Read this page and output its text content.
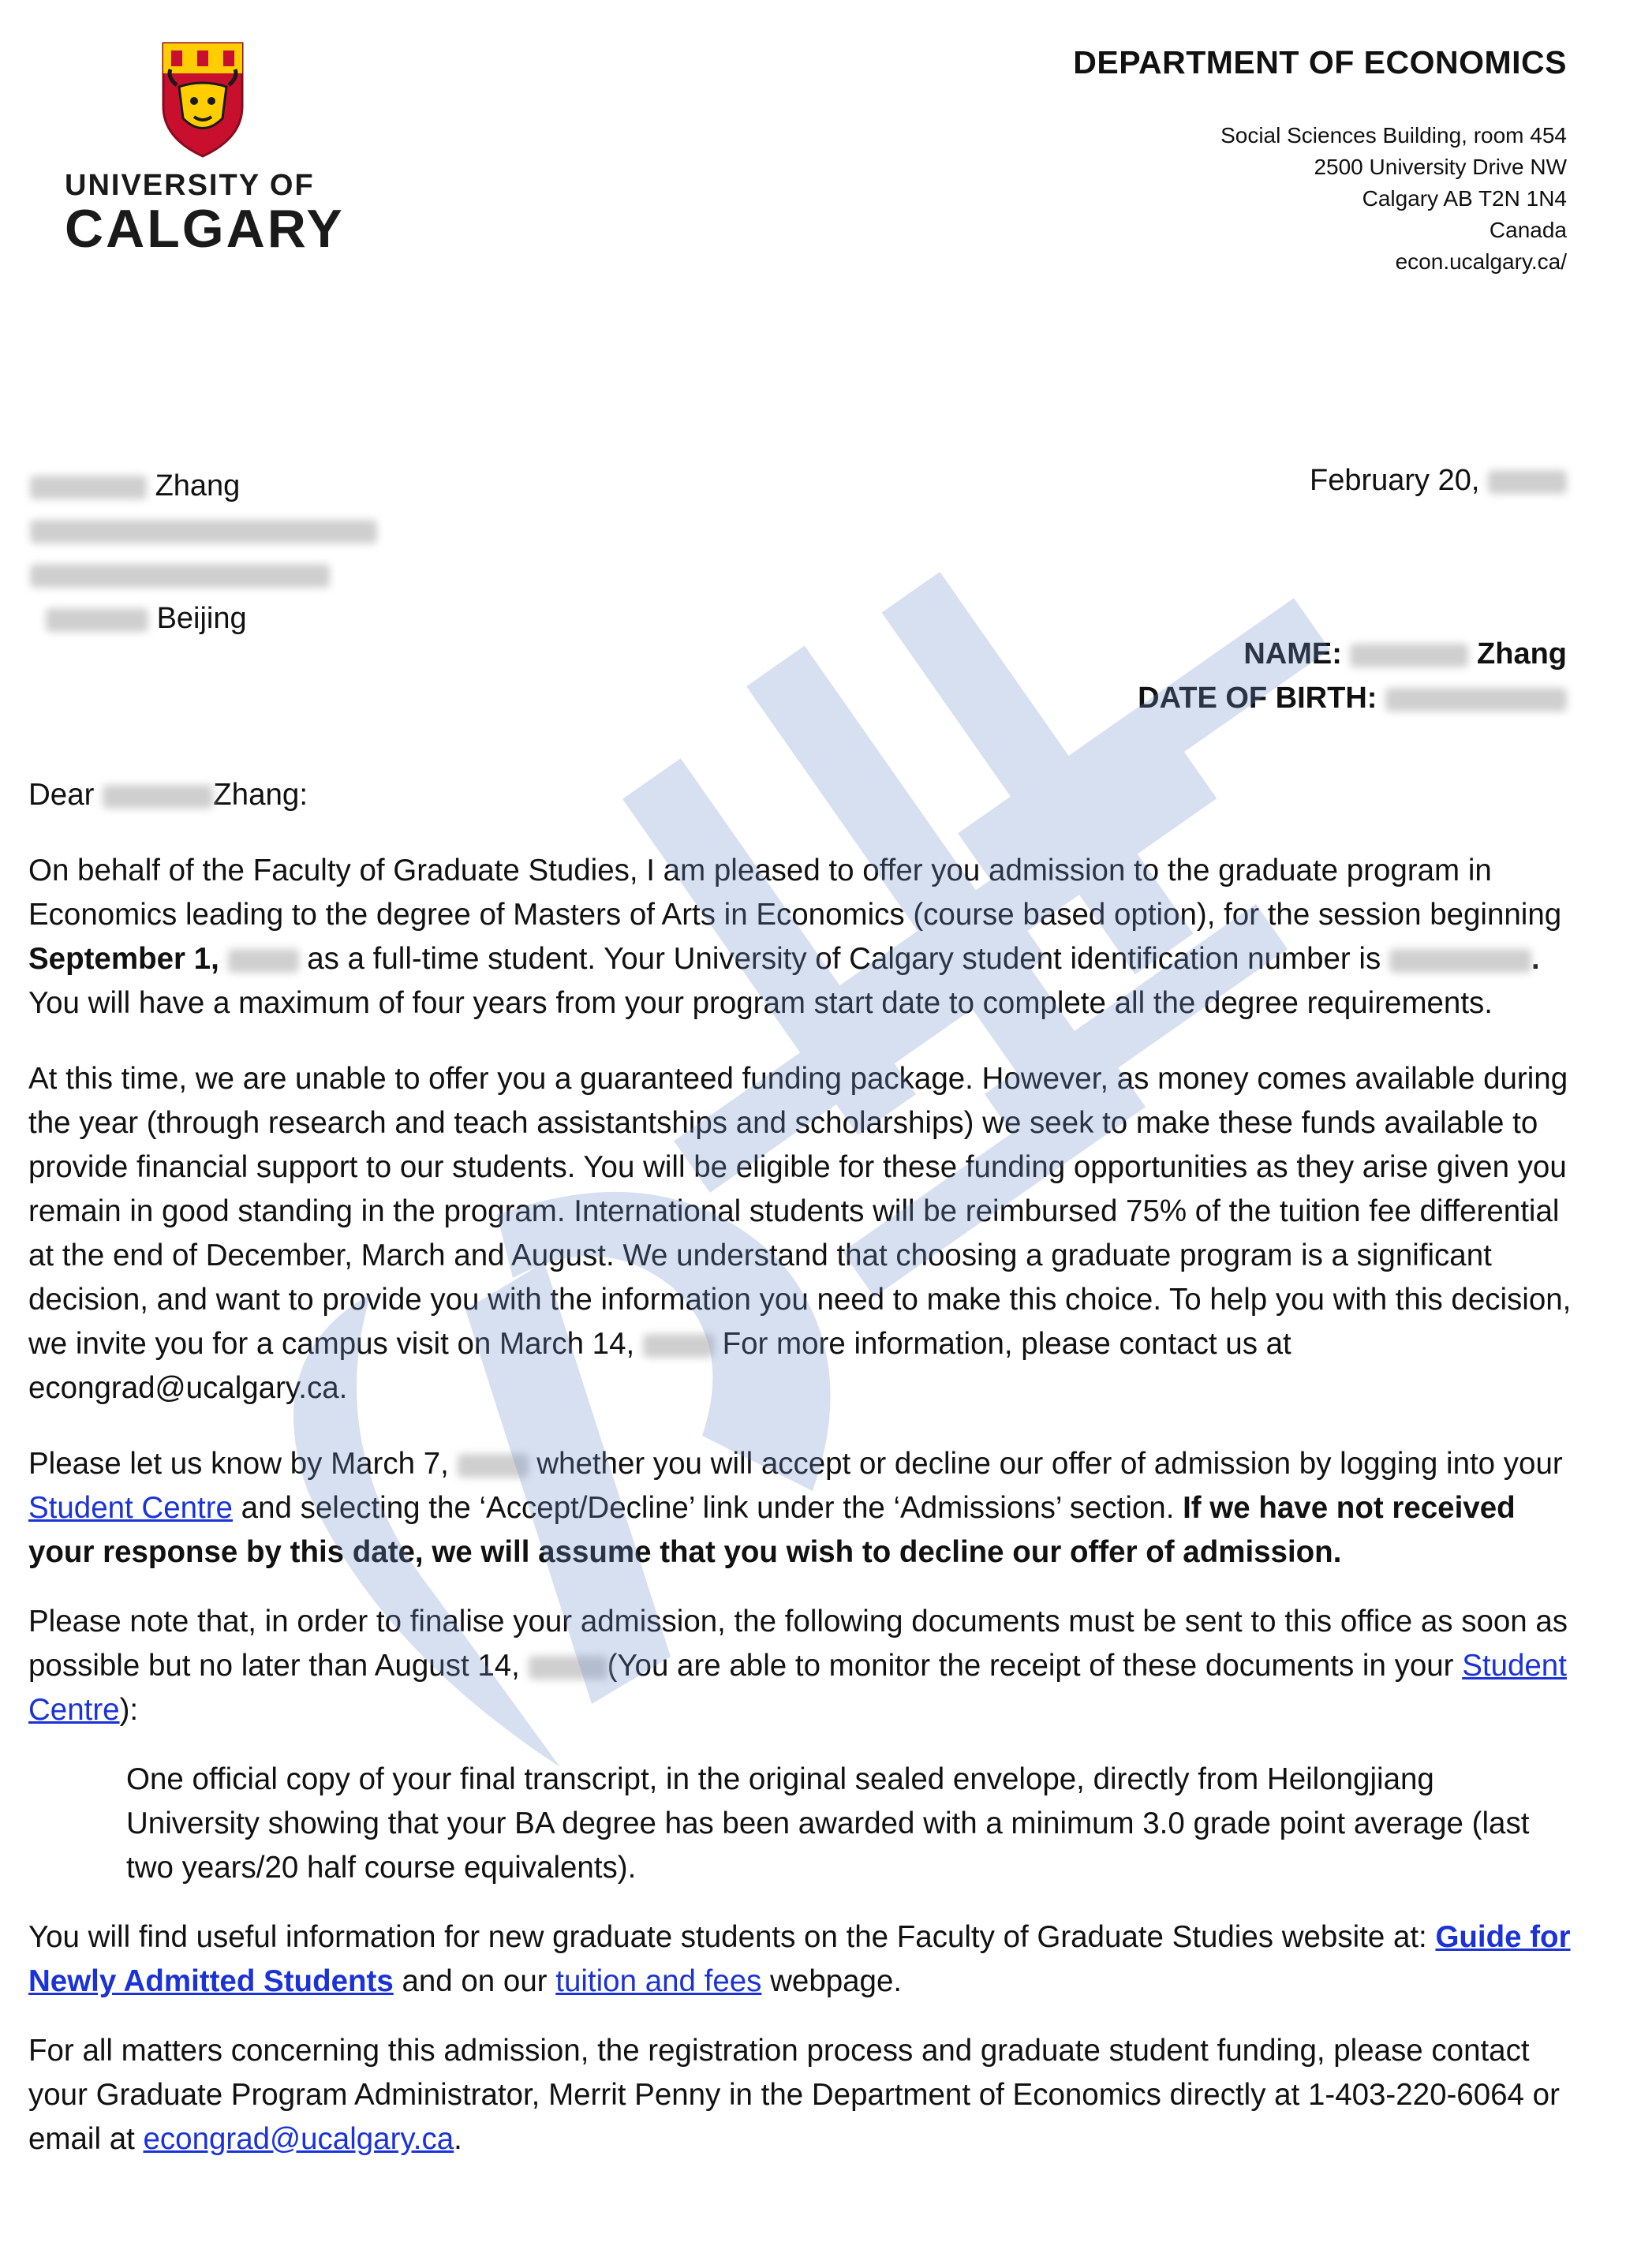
UNIVERSITY OF
CALGARY
DEPARTMENT OF ECONOMICS
Social Sciences Building, room 454
2500 University Drive NW
Calgary AB T2N 1N4
Canada
econ.ucalgary.ca/
Zhang
Beijing
February 20,
NAME:	Zhang
DATE OF BIRTH:

Dear	Zhang:

On behalf of the Faculty of Graduate Studies, I am pleased to offer you admission to the graduate program in Economics leading to the degree of Masters of Arts in Economics (course based option), for the session beginning September 1,	as a full-time student. Your University of Calgary student identification number is	. You will have a maximum of four years from your program start date to complete all the degree requirements.

At this time, we are unable to offer you a guaranteed funding package. However, as money comes available during the year (through research and teach assistantships and scholarships) we seek to make these funds available to provide financial support to our students. You will be eligible for these funding opportunities as they arise given you remain in good standing in the program. International students will be reimbursed 75% of the tuition fee differential at the end of December, March and August. We understand that choosing a graduate program is a significant decision, and want to provide you with the information you need to make this choice. To help you with this decision, we invite you for a campus visit on March 14,  For more information, please contact us at econgrad@ucalgary.ca.

Please let us know by March 7,  whether you will accept or decline our offer of admission by logging into your Student Centre and selecting the ‘Accept/Decline’ link under the ‘Admissions’ section. If we have not received your response by this date, we will assume that you wish to decline our offer of admission.

Please note that, in order to finalise your admission, the following documents must be sent to this office as soon as possible but no later than August 14,	(You are able to monitor the receipt of these documents in your Student Centre):

One official copy of your final transcript, in the original sealed envelope, directly from Heilongjiang University showing that your BA degree has been awarded with a minimum 3.0 grade point average (last two years/20 half course equivalents).

You will find useful information for new graduate students on the Faculty of Graduate Studies website at: Guide for Newly Admitted Students and on our tuition and fees webpage.

For all matters concerning this admission, the registration process and graduate student funding, please contact your Graduate Program Administrator, Merrit Penny in the Department of Economics directly at 1-403-220-6064 or email at econgrad@ucalgary.ca.
